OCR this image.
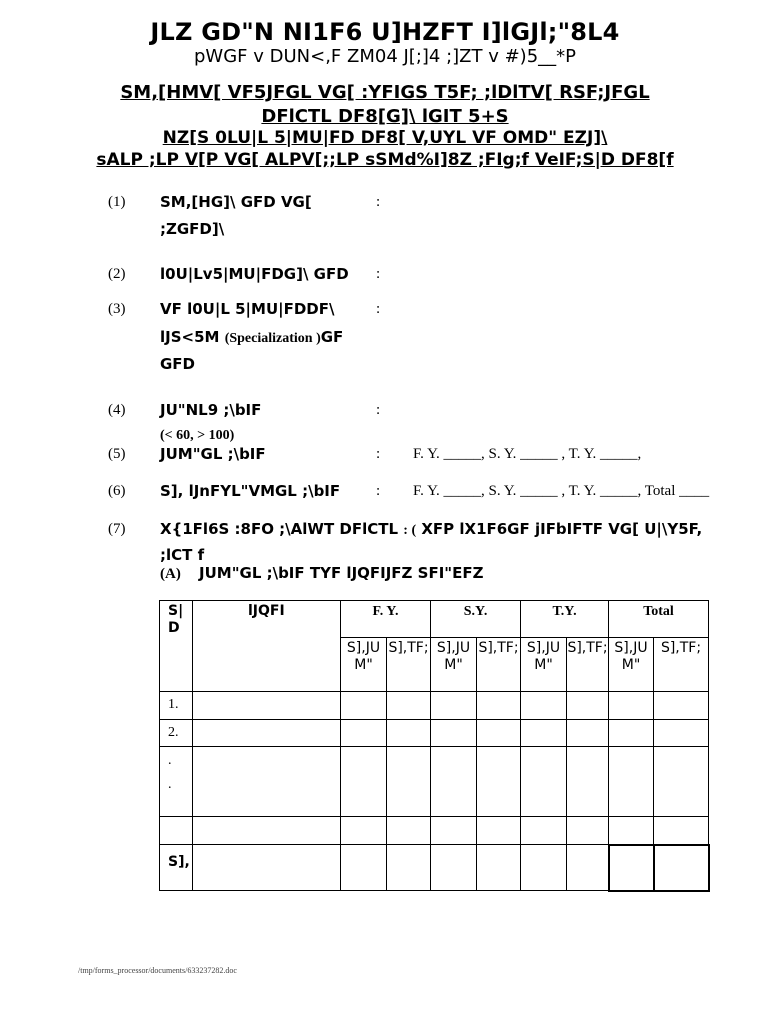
JLZ GD"N NI1F6 U]HZFT I]lGJl;"8L4
pWGF v DUN<,F ZM04 J[;]4 ;]ZT v #)5__*P
SM,[HMV[ VF5JFGL VG[ :YFIGS T5F; ;lDlTV[ RSF;JFGL
DFlCTL DF8[G]\ lGIT 5+S
NZ[S 0LU|L 5|MU|FD DF8[ V,UYL VF OMD" EZJ]\
sALP ;LP V[P VG[ ALPV[;;LP sSMd%I]8Z ;FIg;f VeIF;S|D DF8[f
(1) SM,[HG]\ GFD VG[
;ZGFD]\
:
(2) l0U|Lv5|MU|FDG]\ GFD :
(3) VF l0U|L 5|MU|FDDF\	:
lJS<5M (Specialization )GF
GFD
(4) JU"NL9 ;\bIF	:
(< 60, > 100)
(5) JUM"GL ;\bIF	: F. Y. _____, S. Y. _____ , T. Y. _____,
(6) S], lJnFYL"VMGL ;\bIF : F. Y. _____, S. Y. _____ , T. Y. _____, Total ____
(7) X{1Fl6S :8FO ;\AlWT DFlCTL : ( XFP lX1F6GF jIFbIFTF VG[ U|\Y5F,
;lCT f
(A) JUM"GL ;\bIF TYF lJQFIJFZ SFI"EFZ
S|D	lJQFI	F. Y.		S.Y.		T.Y.		Total	
		S],JUM"	S],TF;	S],JUM"	S],TF;	S],JUM"	S],TF;	S],JUM"	S],TF;
1.									
2.									
.
.									

S],									
/tmp/forms_processor/documents/633237282.doc
